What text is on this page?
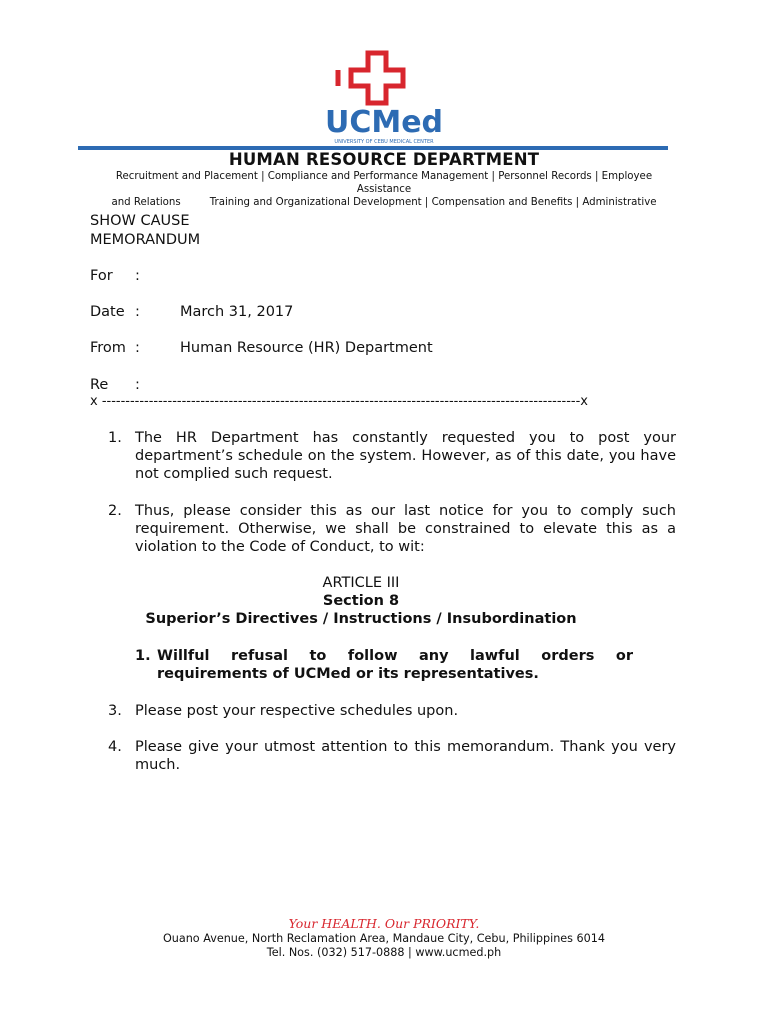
UCMed
UNIVERSITY OF CEBU MEDICAL CENTER
HUMAN RESOURCE DEPARTMENT
Recruitment and Placement | Compliance and Performance Management | Personnel Records | Employee Assistance
and Relations         Training and Organizational Development | Compensation and Benefits | Administrative
SHOW CAUSE
MEMORANDUM
For	:
Date :	March 31, 2017
From :	Human Resource (HR) Department
Re	:
x ------------------------------------------------------------------------------------------------------x
1. The HR Department has constantly requested you to post your department’s schedule on the system. However, as of this date, you have not complied such request.
2. Thus, please consider this as our last notice for you to comply such requirement. Otherwise, we shall be constrained to elevate this as a violation to the Code of Conduct, to wit:
ARTICLE III
Section 8
Superior’s Directives / Instructions / Insubordination
1. Willful refusal to follow any lawful orders or requirements of UCMed or its representatives.
3. Please post your respective schedules upon.
4. Please give your utmost attention to this memorandum. Thank you very much.
Your HEALTH. Our PRIORITY.
Ouano Avenue, North Reclamation Area, Mandaue City, Cebu, Philippines 6014
Tel. Nos. (032) 517-0888 | www.ucmed.ph
